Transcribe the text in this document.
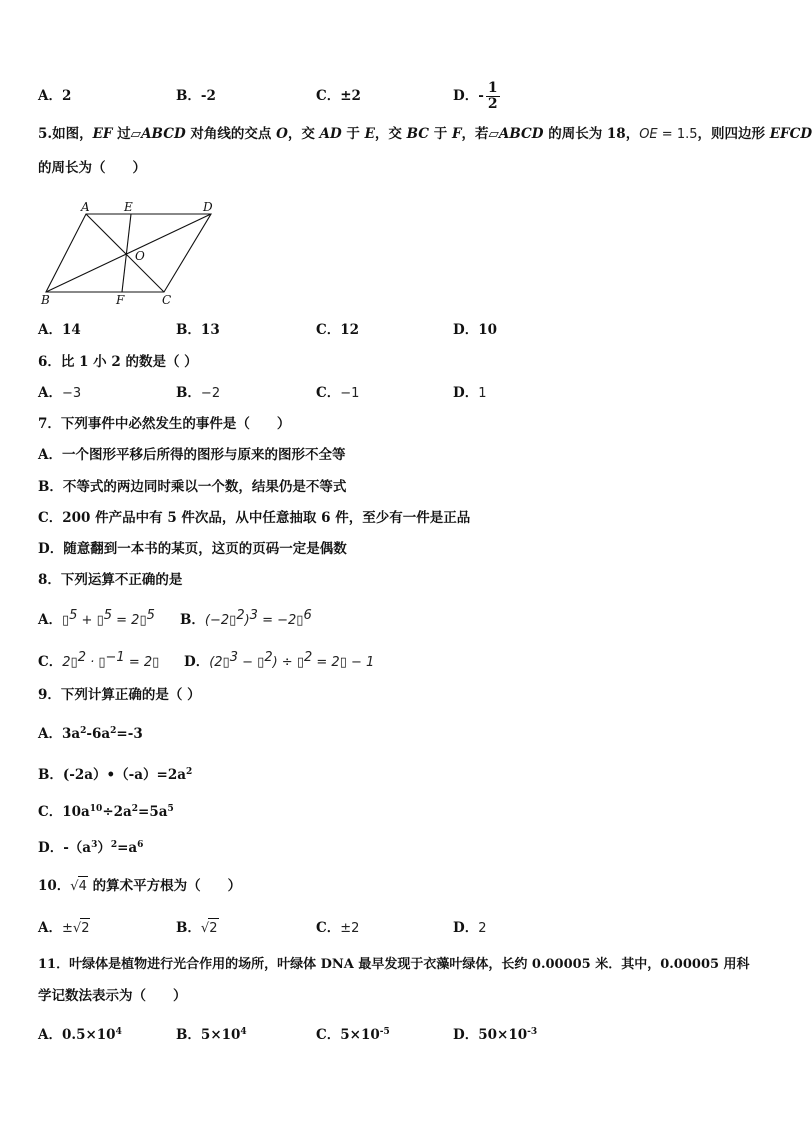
A．2	B．-2	C．±2	D．- $\frac{1}{2}$
5.如图，EF 过▱ABCD 对角线的交点 O，交 AD 于 E，交 BC 于 F，若▱ABCD 的周长为 18，OE = 1.5，则四边形 EFCD
的周长为（　　）
A	E	D
O
B	F	C
A．14	B．13	C．12	D．10
6．比 1 小 2 的数是（ ）
A．−3	B．−2	C．−1	D．1
7．下列事件中必然发生的事件是（　　）
A．一个图形平移后所得的图形与原来的图形不全等
B．不等式的两边同时乘以一个数，结果仍是不等式
C．200 件产品中有 5 件次品，从中任意抽取 6 件，至少有一件是正品
D．随意翻到一本书的某页，这页的页码一定是偶数
8．下列运算不正确的是
A．▯$^5$ + ▯$^5$ = 2▯$^5$ B．(−2▯$^2$)$^3$ = −2▯$^6$
C．2▯$^2$ · ▯$^{-1}$ = 2▯ D．(2▯$^3$ − ▯$^2$) ÷ ▯$^2$ = 2▯ − 1
9．下列计算正确的是（ ）
A．$3a^2-6a^2=-3$
B．$(-2a)•(-a)=2a^2$
C．$10a^{10}\div 2a^2=5a^5$
D．$-(a^3)^2=a^6$
10．√4 的算术平方根为（　　）
A．±√2	B．√2	C．±2	D．2
11．叶绿体是植物进行光合作用的场所，叶绿体 DNA 最早发现于衣藻叶绿体，长约 0.00005 米．其中，0.00005 用科
学记数法表示为（　　）
A．$0.5\times 10^4$	B．$5\times 10^4$	C．$5\times 10^{-5}$	D．$50\times 10^{-3}$
